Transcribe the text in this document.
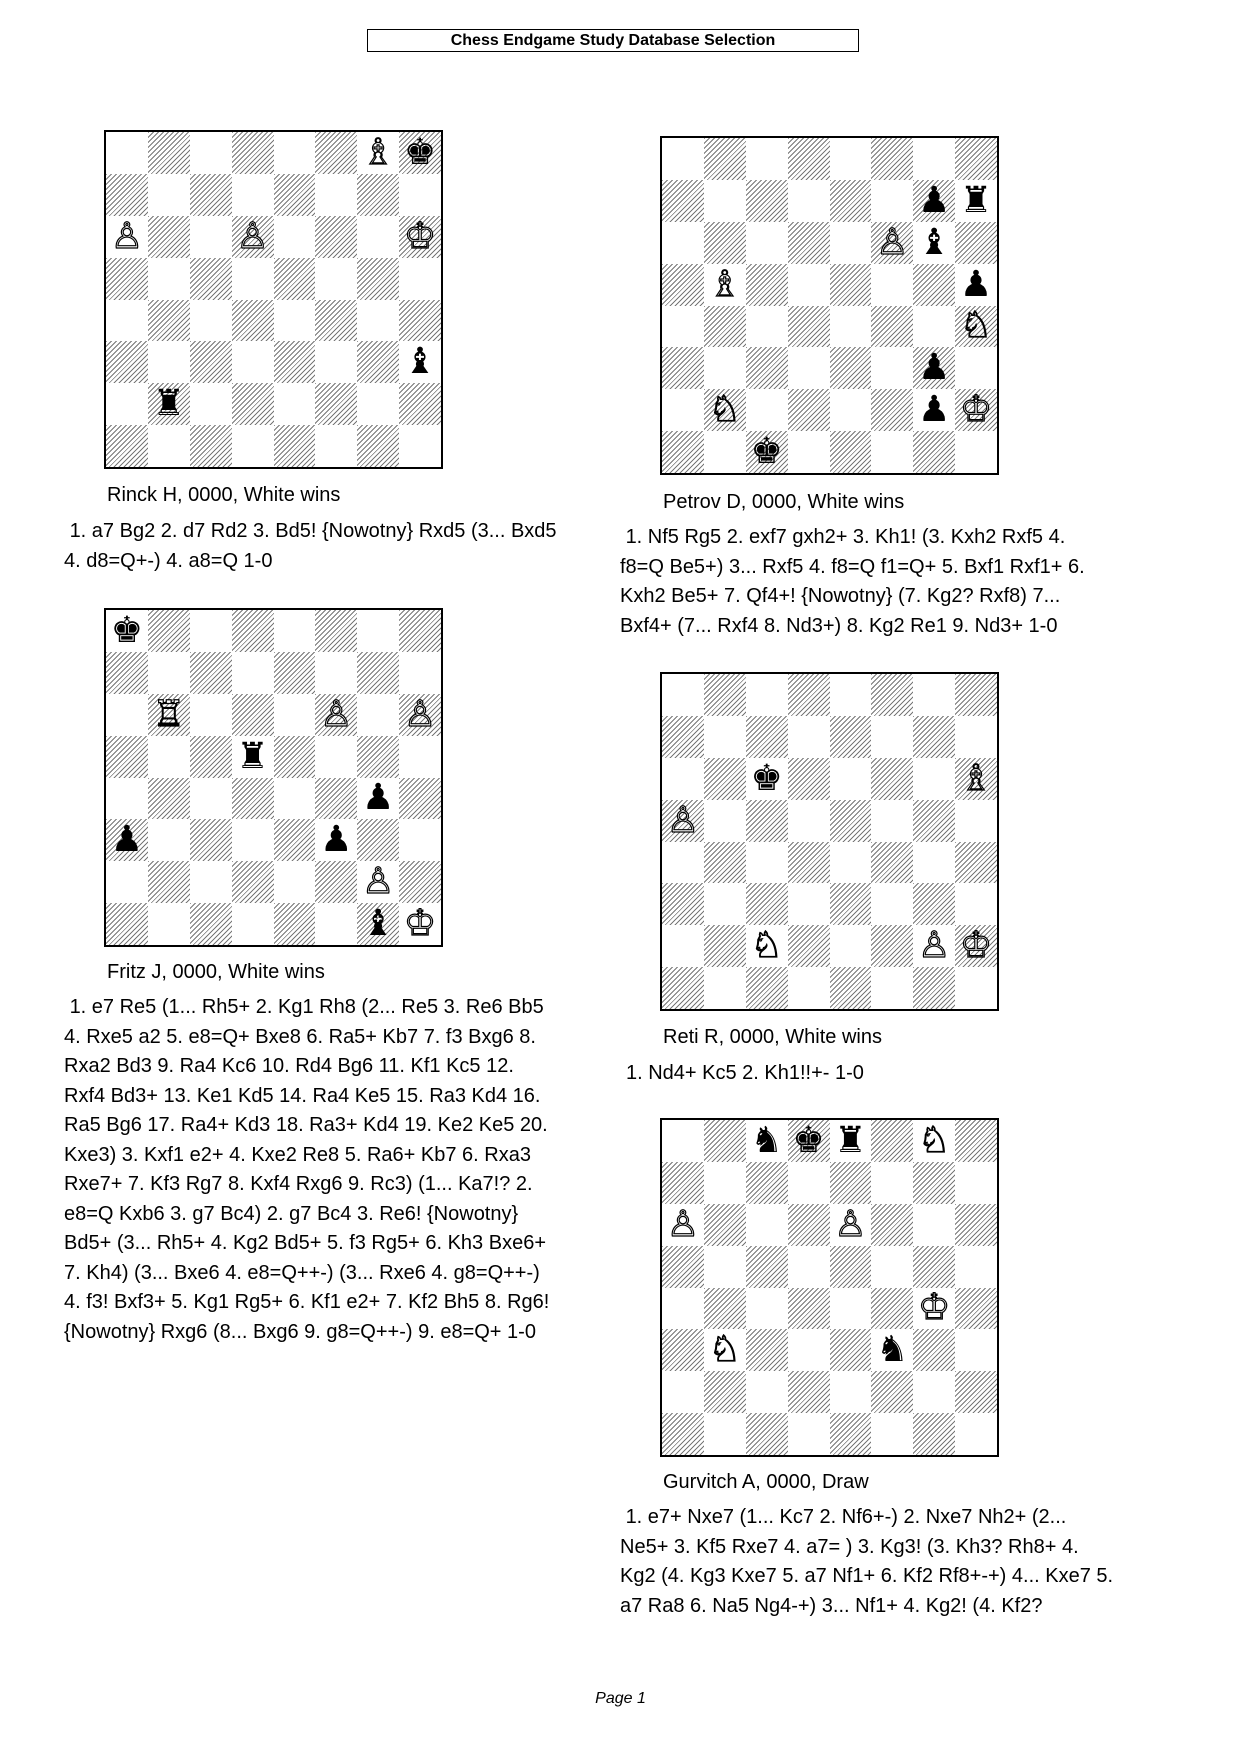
Chess Endgame Study Database Selection
♗ ♚
♙	♙	♔
♝
♜
Rinck H, 0000, White wins
1. a7 Bg2 2. d7 Rd2 3. Bd5! {Nowotny} Rxd5 (3... Bxd5
4. d8=Q+-) 4. a8=Q 1-0
♟ ♜
♙ ♝
♗	♟
♘
♟
♘	♟ ♔
♚
Petrov D, 0000, White wins
1. Nf5 Rg5 2. exf7 gxh2+ 3. Kh1! (3. Kxh2 Rxf5 4.
f8=Q Be5+) 3... Rxf5 4. f8=Q f1=Q+ 5. Bxf1 Rxf1+ 6.
Kxh2 Be5+ 7. Qf4+! {Nowotny} (7. Kg2? Rxf8) 7...
Bxf4+ (7... Rxf4 8. Nd3+) 8. Kg2 Re1 9. Nd3+ 1-0
♚
♖	♙ ♙
♜
♟
♟	♟
♙
♝ ♔
Fritz J, 0000, White wins
1. e7 Re5 (1... Rh5+ 2. Kg1 Rh8 (2... Re5 3. Re6 Bb5
4. Rxe5 a2 5. e8=Q+ Bxe8 6. Ra5+ Kb7 7. f3 Bxg6 8.
Rxa2 Bd3 9. Ra4 Kc6 10. Rd4 Bg6 11. Kf1 Kc5 12.
Rxf4 Bd3+ 13. Ke1 Kd5 14. Ra4 Ke5 15. Ra3 Kd4 16.
Ra5 Bg6 17. Ra4+ Kd3 18. Ra3+ Kd4 19. Ke2 Ke5 20.
Kxe3) 3. Kxf1 e2+ 4. Kxe2 Re8 5. Ra6+ Kb7 6. Rxa3
Rxe7+ 7. Kf3 Rg7 8. Kxf4 Rxg6 9. Rc3) (1... Ka7!? 2.
e8=Q Kxb6 3. g7 Bc4) 2. g7 Bc4 3. Re6! {Nowotny}
Bd5+ (3... Rh5+ 4. Kg2 Bd5+ 5. f3 Rg5+ 6. Kh3 Bxe6+
7. Kh4) (3... Bxe6 4. e8=Q++-) (3... Rxe6 4. g8=Q++-)
4. f3! Bxf3+ 5. Kg1 Rg5+ 6. Kf1 e2+ 7. Kf2 Bh5 8. Rg6!
{Nowotny} Rxg6 (8... Bxg6 9. g8=Q++-) 9. e8=Q+ 1-0
♚	♗
♙
♘	♙ ♔
Reti R, 0000, White wins
1. Nd4+ Kc5 2. Kh1!!+- 1-0
♞ ♚ ♜ ♘
♙	♙
♔
♘	♞
Gurvitch A, 0000, Draw
1. e7+ Nxe7 (1... Kc7 2. Nf6+-) 2. Nxe7 Nh2+ (2...
Ne5+ 3. Kf5 Rxe7 4. a7= ) 3. Kg3! (3. Kh3? Rh8+ 4.
Kg2 (4. Kg3 Kxe7 5. a7 Nf1+ 6. Kf2 Rf8+-+) 4... Kxe7 5.
a7 Ra8 6. Na5 Ng4-+) 3... Nf1+ 4. Kg2! (4. Kf2?
Page 1
